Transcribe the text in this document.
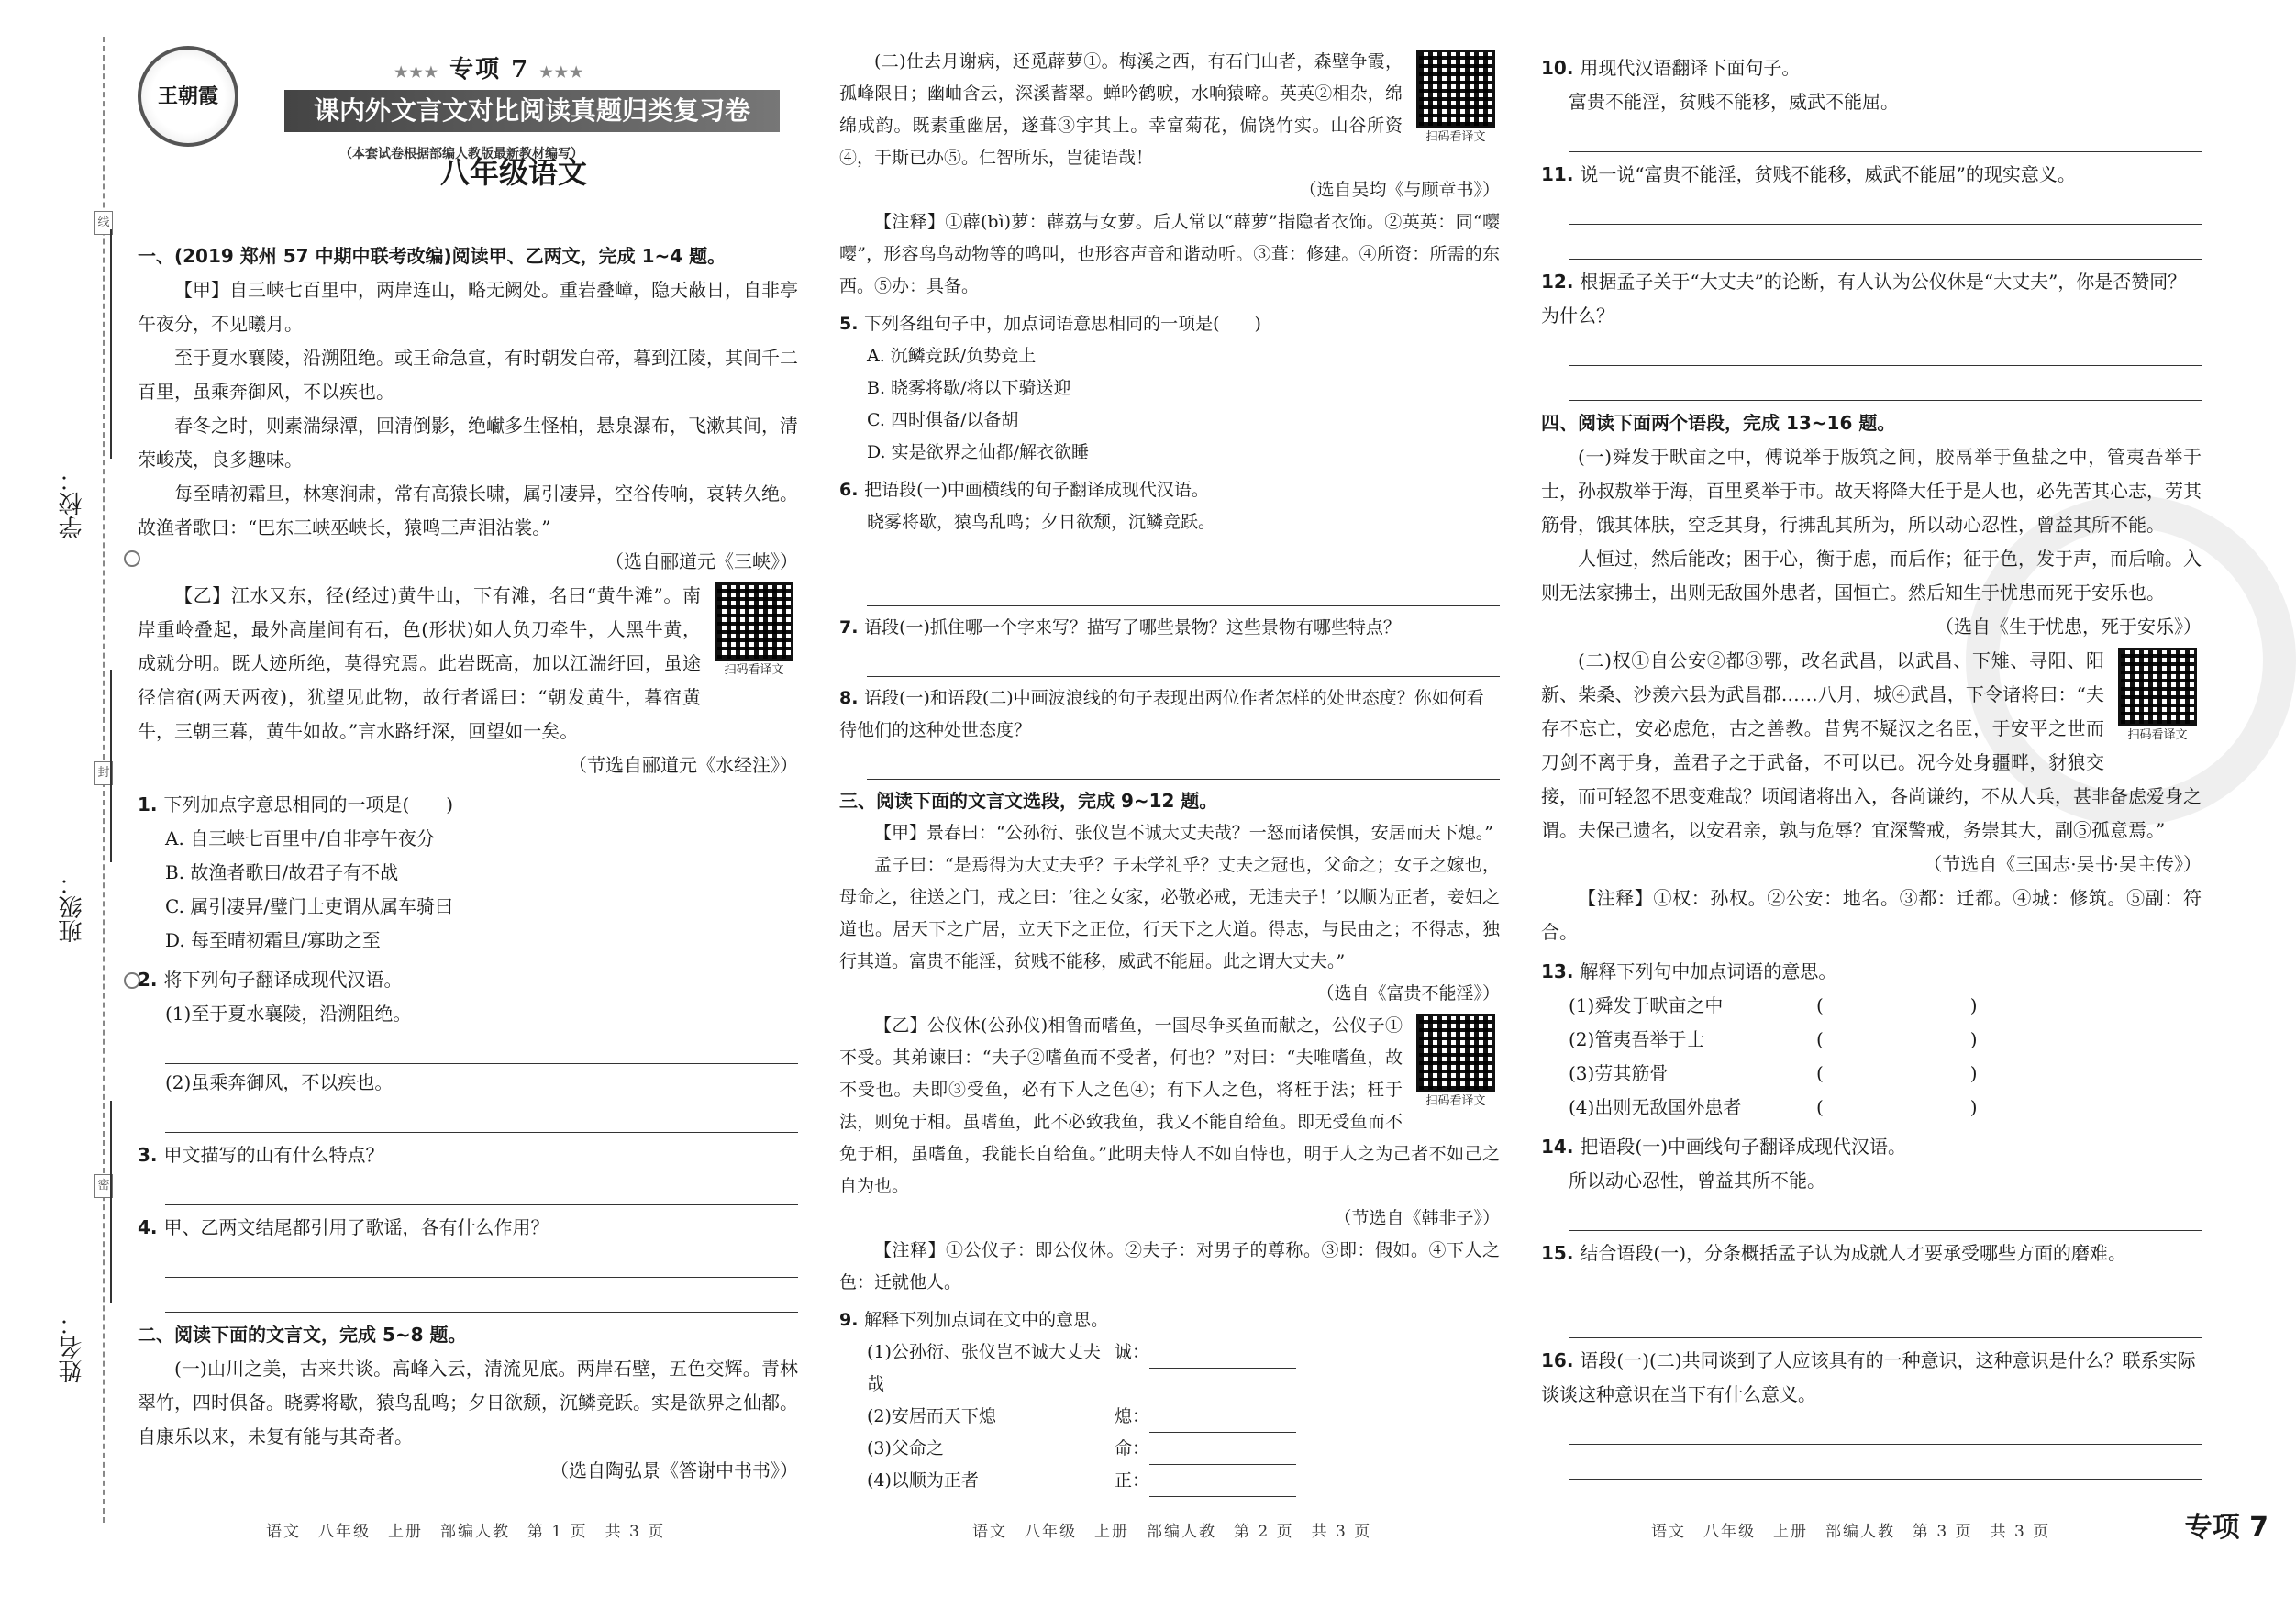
线
封
密
学校：
班级：
姓名：
王朝霞
★★★ 专项 7 ★★★
课内外文言文对比阅读真题归类复习卷
（本套试卷根据部编人教版最新教材编写）
八年级语文
一、(2019 郑州 57 中期中联考改编)阅读甲、乙两文，完成 1~4 题。

【甲】自三峡七百里中，两岸连山，略无阙处。重岩叠嶂，隐天蔽日，自非亭午夜分，不见曦月。

至于夏水襄陵，沿溯阻绝。或王命急宣，有时朝发白帝，暮到江陵，其间千二百里，虽乘奔御风，不以疾也。

春冬之时，则素湍绿潭，回清倒影，绝𪩘多生怪柏，悬泉瀑布，飞漱其间，清荣峻茂，良多趣味。

每至晴初霜旦，林寒涧肃，常有高猿长啸，属引凄异，空谷传响，哀转久绝。故渔者歌曰：“巴东三峡巫峡长，猿鸣三声泪沾裳。”

（选自郦道元《三峡》）
扫码看译文

【乙】江水又东，径(经过)黄牛山，下有滩，名曰“黄牛滩”。南岸重岭叠起，最外高崖间有石，色(形状)如人负刀牵牛，人黑牛黄，成就分明。既人迹所绝，莫得究焉。此岩既高，加以江湍纡回，虽途径信宿(两天两夜)，犹望见此物，故行者谣曰：“朝发黄牛，暮宿黄牛，三朝三暮，黄牛如故。”言水路纡深，回望如一矣。

（节选自郦道元《水经注》）
1. 下列加点字意思相同的一项是(　　)
A. 自三峡七百里中/自非亭午夜分
B. 故渔者歌曰/故君子有不战
C. 属引凄异/璧门士吏谓从属车骑曰
D. 每至晴初霜旦/寡助之至
2. 将下列句子翻译成现代汉语。
(1)至于夏水襄陵，沿溯阻绝。
(2)虽乘奔御风，不以疾也。
3. 甲文描写的山有什么特点？
4. 甲、乙两文结尾都引用了歌谣，各有什么作用？
二、阅读下面的文言文，完成 5~8 题。

(一)山川之美，古来共谈。高峰入云，清流见底。两岸石壁，五色交辉。青林翠竹，四时俱备。晓雾将歇，猿鸟乱鸣；夕日欲颓，沉鳞竞跃。实是欲界之仙都。自康乐以来，未复有能与其奇者。

（选自陶弘景《答谢中书书》）
扫码看译文

(二)仕去月谢病，还觅薜萝①。梅溪之西，有石门山者，森壁争霞，孤峰限日；幽岫含云，深溪蓄翠。蝉吟鹤唳，水响猿啼。英英②相杂，绵绵成韵。既素重幽居，遂葺③宇其上。幸富菊花，偏饶竹实。山谷所资④，于斯已办⑤。仁智所乐，岂徒语哉！

（选自吴均《与顾章书》）

【注释】①薜(bì)萝：薜荔与女萝。后人常以“薜萝”指隐者衣饰。②英英：同“嘤嘤”，形容鸟鸟动物等的鸣叫，也形容声音和谐动听。③葺：修建。④所资：所需的东西。⑤办：具备。

5. 下列各组句子中，加点词语意思相同的一项是(　　)
A. 沉鳞竞跃/负势竞上
B. 晓雾将歇/将以下骑送迎
C. 四时俱备/以备胡
D. 实是欲界之仙都/解衣欲睡
6. 把语段(一)中画横线的句子翻译成现代汉语。
晓雾将歇，猿鸟乱鸣；夕日欲颓，沉鳞竞跃。
7. 语段(一)抓住哪一个字来写？描写了哪些景物？这些景物有哪些特点？
8. 语段(一)和语段(二)中画波浪线的句子表现出两位作者怎样的处世态度？你如何看待他们的这种处世态度？
三、阅读下面的文言文选段，完成 9~12 题。

【甲】景春曰：“公孙衍、张仪岂不诚大丈夫哉？一怒而诸侯惧，安居而天下熄。”

孟子曰：“是焉得为大丈夫乎？子未学礼乎？丈夫之冠也，父命之；女子之嫁也，母命之，往送之门，戒之曰：‘往之女家，必敬必戒，无违夫子！’以顺为正者，妾妇之道也。居天下之广居，立天下之正位，行天下之大道。得志，与民由之；不得志，独行其道。富贵不能淫，贫贱不能移，威武不能屈。此之谓大丈夫。”

（选自《富贵不能淫》）
扫码看译文

【乙】公仪休(公孙仪)相鲁而嗜鱼，一国尽争买鱼而献之，公仪子①不受。其弟谏曰：“夫子②嗜鱼而不受者，何也？”对曰：“夫唯嗜鱼，故不受也。夫即③受鱼，必有下人之色④；有下人之色，将枉于法；枉于法，则免于相。虽嗜鱼，此不必致我鱼，我又不能自给鱼。即无受鱼而不免于相，虽嗜鱼，我能长自给鱼。”此明夫恃人不如自恃也，明于人之为己者不如己之自为也。

（节选自《韩非子》）

【注释】①公仪子：即公仪休。②夫子：对男子的尊称。③即：假如。④下人之色：迁就他人。

9. 解释下列加点词在文中的意思。
(1)公孙衍、张仪岂不诚大丈夫哉
诚：
(2)安居而天下熄	熄：
(3)父命之	命：
(4)以顺为正者	正：
10. 用现代汉语翻译下面句子。
富贵不能淫，贫贱不能移，威武不能屈。
11. 说一说“富贵不能淫，贫贱不能移，威武不能屈”的现实意义。
12. 根据孟子关于“大丈夫”的论断，有人认为公仪休是“大丈夫”，你是否赞同？为什么？
四、阅读下面两个语段，完成 13~16 题。

(一)舜发于畎亩之中，傅说举于版筑之间，胶鬲举于鱼盐之中，管夷吾举于士，孙叔敖举于海，百里奚举于市。故天将降大任于是人也，必先苦其心志，劳其筋骨，饿其体肤，空乏其身，行拂乱其所为，所以动心忍性，曾益其所不能。

人恒过，然后能改；困于心，衡于虑，而后作；征于色，发于声，而后喻。入则无法家拂士，出则无敌国外患者，国恒亡。然后知生于忧患而死于安乐也。

（选自《生于忧患，死于安乐》）
扫码看译文

(二)权①自公安②都③鄂，改名武昌，以武昌、下雉、寻阳、阳新、柴桑、沙羡六县为武昌郡……八月，城④武昌，下令诸将曰：“夫存不忘亡，安必虑危，古之善教。昔隽不疑汉之名臣，于安平之世而刀剑不离于身，盖君子之于武备，不可以已。况今处身疆畔，豺狼交接，而可轻忽不思变难哉？顷闻诸将出入，各尚谦约，不从人兵，甚非备虑爱身之谓。夫保己遗名，以安君亲，孰与危辱？宜深警戒，务崇其大，副⑤孤意焉。”

（节选自《三国志·吴书·吴主传》）

【注释】①权：孙权。②公安：地名。③都：迁都。④城：修筑。⑤副：符合。

13. 解释下列句中加点词语的意思。
(1)舜发于畎亩之中	(　　　　　　　　)
(2)管夷吾举于士	(　　　　　　　　)
(3)劳其筋骨	(　　　　　　　　)
(4)出则无敌国外患者	(　　　　　　　　)
14. 把语段(一)中画线句子翻译成现代汉语。
所以动心忍性，曾益其所不能。
15. 结合语段(一)，分条概括孟子认为成就人才要承受哪些方面的磨难。
16. 语段(一)(二)共同谈到了人应该具有的一种意识，这种意识是什么？联系实际谈谈这种意识在当下有什么意义。
语文　八年级　上册　部编人教　第 1 页　共 3 页	语文　八年级　上册　部编人教　第 2 页　共 3 页	语文　八年级　上册　部编人教　第 3 页　共 3 页	专项 7
